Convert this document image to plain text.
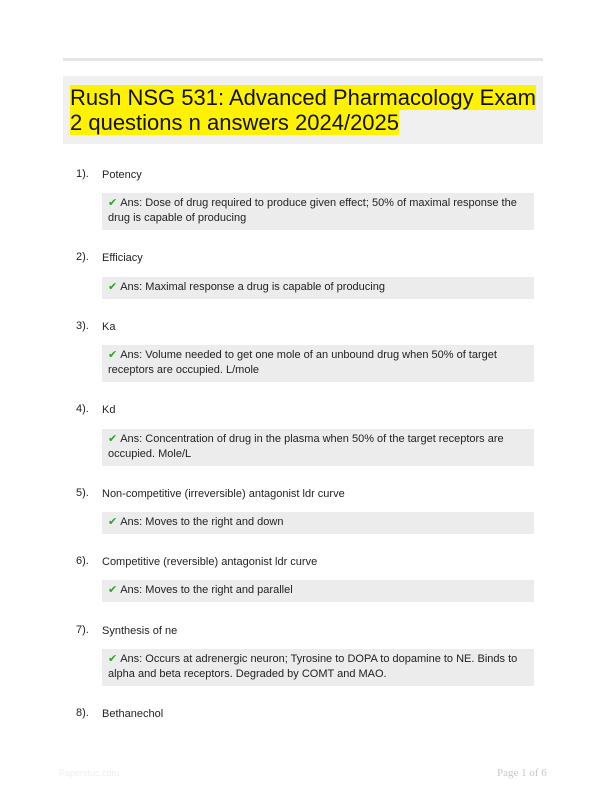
Rush NSG 531: Advanced Pharmacology Exam 2 questions n answers 2024/2025
1). Potency
✔ Ans: Dose of drug required to produce given effect; 50% of maximal response the drug is capable of producing
2). Efficiacy
✔ Ans: Maximal response a drug is capable of producing
3). Ka
✔ Ans: Volume needed to get one mole of an unbound drug when 50% of target receptors are occupied. L/mole
4). Kd
✔ Ans: Concentration of drug in the plasma when 50% of the target receptors are occupied. Mole/L
5). Non-competitive (irreversible) antagonist ldr curve
✔ Ans: Moves to the right and down
6). Competitive (reversible) antagonist ldr curve
✔ Ans: Moves to the right and parallel
7). Synthesis of ne
✔ Ans: Occurs at adrenergic neuron; Tyrosine to DOPA to dopamine to NE. Binds to alpha and beta receptors. Degraded by COMT and MAO.
8). Bethanechol
Paperstuc.com	Page 1 of 6
